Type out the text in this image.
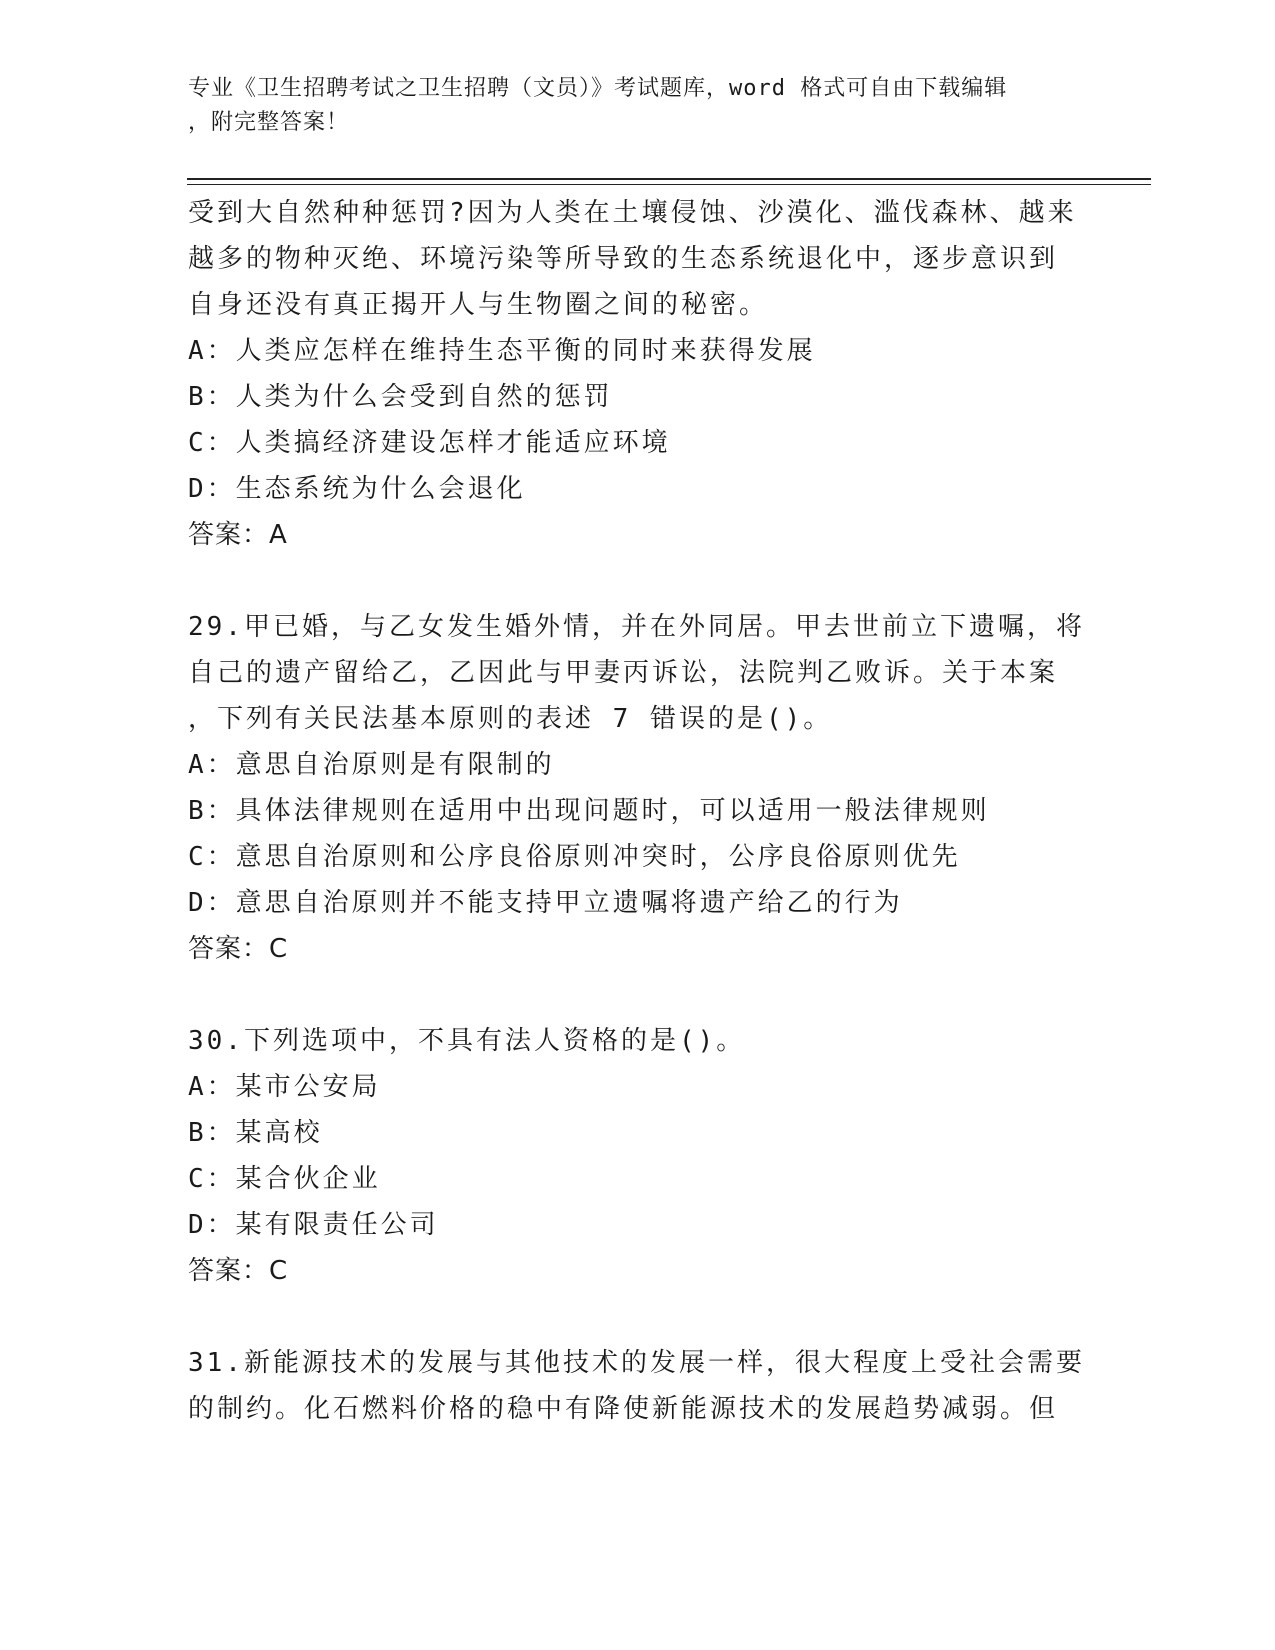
专业《卫生招聘考试之卫生招聘（文员）》考试题库，word 格式可自由下载编辑
，附完整答案！
受到大自然种种惩罚?因为人类在土壤侵蚀、沙漠化、滥伐森林、越来
越多的物种灭绝、环境污染等所导致的生态系统退化中，逐步意识到
自身还没有真正揭开人与生物圈之间的秘密。
A：人类应怎样在维持生态平衡的同时来获得发展
B：人类为什么会受到自然的惩罚
C：人类搞经济建设怎样才能适应环境
D：生态系统为什么会退化
答案：A
29.甲已婚，与乙女发生婚外情，并在外同居。甲去世前立下遗嘱，将
自己的遗产留给乙，乙因此与甲妻丙诉讼，法院判乙败诉。关于本案
，下列有关民法基本原则的表述 7 错误的是()。
A：意思自治原则是有限制的
B：具体法律规则在适用中出现问题时，可以适用一般法律规则
C：意思自治原则和公序良俗原则冲突时，公序良俗原则优先
D：意思自治原则并不能支持甲立遗嘱将遗产给乙的行为
答案：C
30.下列选项中，不具有法人资格的是()。
A：某市公安局
B：某高校
C：某合伙企业
D：某有限责任公司
答案：C
31.新能源技术的发展与其他技术的发展一样，很大程度上受社会需要
的制约。化石燃料价格的稳中有降使新能源技术的发展趋势减弱。但
